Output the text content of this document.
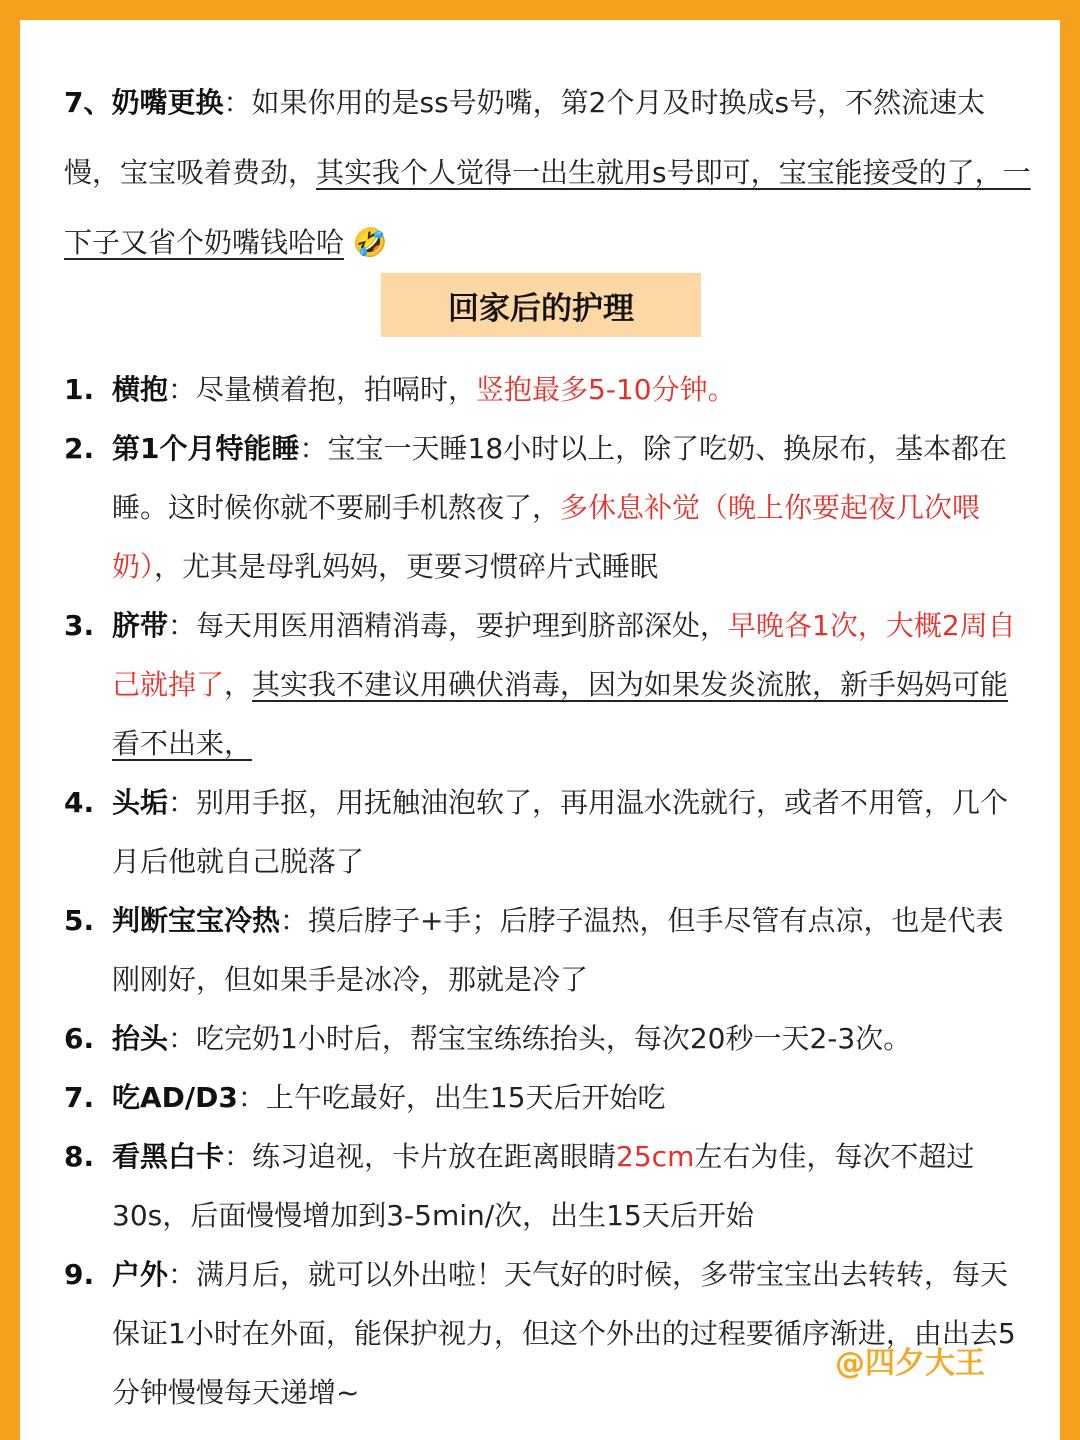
7、奶嘴更换：如果你用的是ss号奶嘴，第2个月及时换成s号，不然流速太慢，宝宝吸着费劲，其实我个人觉得一出生就用s号即可，宝宝能接受的了，一下子又省个奶嘴钱哈哈 🤣
回家后的护理
1. 横抱：尽量横着抱，拍嗝时，竖抱最多5-10分钟。
2. 第1个月特能睡：宝宝一天睡18小时以上，除了吃奶、换尿布，基本都在睡。这时候你就不要刷手机熬夜了，多休息补觉（晚上你要起夜几次喂奶），尤其是母乳妈妈，更要习惯碎片式睡眠
3. 脐带：每天用医用酒精消毒，要护理到脐部深处，早晚各1次，大概2周自己就掉了，其实我不建议用碘伏消毒，因为如果发炎流脓，新手妈妈可能看不出来，
4. 头垢：别用手抠，用抚触油泡软了，再用温水洗就行，或者不用管，几个月后他就自己脱落了
5. 判断宝宝冷热：摸后脖子+手；后脖子温热，但手尽管有点凉，也是代表刚刚好，但如果手是冰冷，那就是冷了
6. 抬头：吃完奶1小时后，帮宝宝练练抬头，每次20秒一天2-3次。
7. 吃AD/D3：上午吃最好，出生15天后开始吃
8. 看黑白卡：练习追视，卡片放在距离眼睛25cm左右为佳，每次不超过30s，后面慢慢增加到3-5min/次，出生15天后开始
9. 户外：满月后，就可以外出啦！天气好的时候，多带宝宝出去转转，每天保证1小时在外面，能保护视力，但这个外出的过程要循序渐进，由出去5分钟慢慢每天递增~
@四夕大王
